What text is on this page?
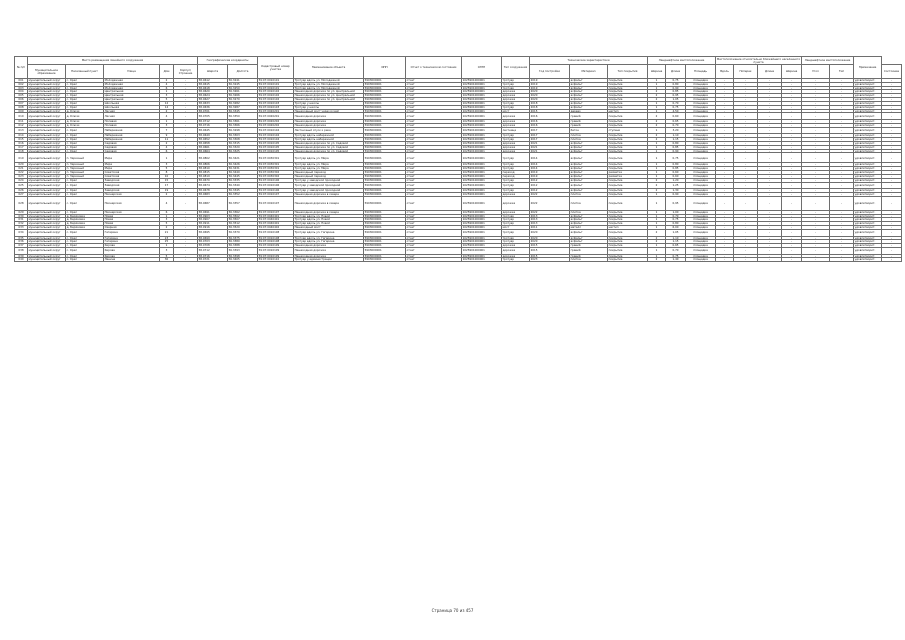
№ п/п	Место размещения линейного сооружения					Географические координаты		Кадастровый номер участка	Наименование объекта	ИНН	Отчет о техническом состоянии	ОГРН	Тип сооружения	Технические характеристики			Ландшафтное местоположение			Местоположение относительно ближайшего населенного пункта				Ландшафтное местоположение		Примечание	
	Муниципальное образование	Населенный пункт	Улица	Дом	Корпус/Строение	Широта	Долгота							Год постройки	Материал	Тип покрытия	Ширина	Длина	Площадь	Вдоль	Поперек	Длина	Ширина	Угол	Тип		
																											Состояние
001	муниципальный округ	с. Орел	Молодежная	2	-	58.0612	56.3241	59:07:0010101	Тротуар вдоль ул. Молодежной	5903000001	отчет	1025901000001	тротуар	2019	асфальт	покрытие	1	0,75	площадка	-	-	-	-	-	-	удовлетворит.	-
002	муниципальный округ	с. Орел	Молодежная	4	-	58.0615	56.3245	59:07:0010101	Тротуар вдоль ул. Молодежной	5903000001	отчет	1025901000001	тротуар	2019	асфальт	покрытие	1	0,80	площадка	-	-	-	-	-	-	удовлетворит.	-
003	муниципальный округ	с. Орел	Молодежная	6	-	58.0618	56.3250	59:07:0010101	Тротуар вдоль ул. Молодежной	5903000001	отчет	1025901000001	тротуар	2019	асфальт	покрытие	1	0,90	площадка	-	-	-	-	-	-	удовлетворит.	-
004	муниципальный округ	с. Орел	Центральная	1	-	58.0620	56.3261	59:07:0010102	Пешеходная дорожка по ул. Центральной	5903000001	отчет	1025901000001	дорожка	2020	асфальт	покрытие	2	0,85	площадка	-	-	-	-	-	-	удовлетворит.	-
005	муниципальный округ	с. Орел	Центральная	3	-	58.0624	56.3266	59:07:0010102	Пешеходная дорожка по ул. Центральной	5903000001	отчет	1025901000001	дорожка	2020	асфальт	покрытие	2	0,95	площадка	-	-	-	-	-	-	удовлетворит.	-
006	муниципальный округ	с. Орел	Центральная	5	-	58.0627	56.3270	59:07:0010102	Пешеходная дорожка по ул. Центральной	5903000001	отчет	1025901000001	дорожка	2020	асфальт	покрытие	2	1,05	площадка	-	-	-	-	-	-	удовлетворит.	-
007	муниципальный округ	с. Орел	Школьная	12	-	58.0633	56.3282	59:07:0010103	Тротуар у школы	5903000001	отчет	1025901000001	тротуар	2018	асфальт	покрытие	1	0,70	площадка	-	-	-	-	-	-	удовлетворит.	-
008	муниципальный округ	с. Орел	Школьная	14	-	58.0636	56.3287	59:07:0010103	Тротуар у школы	5903000001	отчет	1025901000001	тротуар	2018	асфальт	покрытие	1	0,75	площадка	-	-	-	-	-	-	удовлетворит.	-
009	муниципальный округ	д. Ключи	Лесная	2	-	58.0701	56.3345	59:07:0020201	Пешеходный мост через ручей	5903000001	отчет	1025901000001	мост	2015	дерево	настил	1	4,50	площадка	-	-	-	-	-	-	удовлетворит.	-
010	муниципальный округ	д. Ключи	Лесная	4	-	58.0705	56.3350	59:07:0020201	Пешеходная дорожка	5903000001	отчет	1025901000001	дорожка	2016	гравий	покрытие	2	0,60	площадка	-	-	-	-	-	-	удовлетворит.	-
011	муниципальный округ	д. Ключи	Полевая	1	-	58.0712	56.3361	59:07:0020202	Пешеходная дорожка	5903000001	отчет	1025901000001	дорожка	2016	гравий	покрытие	2	0,65	площадка	-	-	-	-	-	-	удовлетворит.	-
012	муниципальный округ	д. Ключи	Полевая	3	-	58.0716	56.3366	59:07:0020202	Пешеходная дорожка	5903000001	отчет	1025901000001	дорожка	2016	гравий	покрытие	2	0,70	площадка	-	-	-	-	-	-	удовлетворит.	-
013	муниципальный округ	с. Орел	Набережная	7	-	58.0645	56.3298	59:07:0010104	Лестничный спуск к реке	5903000001	отчет	1025901000001	лестница	2017	бетон	ступени	1	3,20	площадка	-	-	-	-	-	-	удовлетворит.	-
014	муниципальный округ	с. Орел	Набережная	9	-	58.0649	56.3303	59:07:0010104	Тротуар вдоль набережной	5903000001	отчет	1025901000001	тротуар	2017	плитка	покрытие	2	1,10	площадка	-	-	-	-	-	-	удовлетворит.	-
015	муниципальный округ	с. Орел	Набережная	11	-	58.0652	56.3308	59:07:0010104	Тротуар вдоль набережной	5903000001	отчет	1025901000001	тротуар	2017	плитка	покрытие	2	1,15	площадка	-	-	-	-	-	-	удовлетворит.	-
016	муниципальный округ	с. Орел	Садовая	2	-	58.0658	56.3315	59:07:0010105	Пешеходная дорожка по ул. Садовой	5903000001	отчет	1025901000001	дорожка	2021	асфальт	покрытие	1	0,80	площадка	-	-	-	-	-	-	удовлетворит.	-
017	муниципальный округ	с. Орел	Садовая	4	-	58.0661	56.3320	59:07:0010105	Пешеходная дорожка по ул. Садовой	5903000001	отчет	1025901000001	дорожка	2021	асфальт	покрытие	1	0,85	площадка	-	-	-	-	-	-	удовлетворит.	-
018	муниципальный округ	с. Орел	Садовая	6	-	58.0664	56.3325	59:07:0010105	Пешеходная дорожка по ул. Садовой	5903000001	отчет	1025901000001	дорожка	2021	асфальт	покрытие	1	0,90	площадка	-	-	-	-	-	-	удовлетворит.	-
019	муниципальный округ	п. Заречный	Мира	1	-	58.0802	56.3421	59:07:0030301	Тротуар вдоль ул. Мира	5903000001	отчет	1025901000001	тротуар	2014	асфальт	покрытие	1	0,75	площадка	-	-	-	-	-	-	удовлетворит.	-
020	муниципальный округ	п. Заречный	Мира	3	-	58.0806	56.3426	59:07:0030301	Тротуар вдоль ул. Мира	5903000001	отчет	1025901000001	тротуар	2014	асфальт	покрытие	1	0,80	площадка	-	-	-	-	-	-	удовлетворит.	-
021	муниципальный округ	п. Заречный	Мира	5	-	58.0810	56.3431	59:07:0030301	Тротуар вдоль ул. Мира	5903000001	отчет	1025901000001	тротуар	2014	асфальт	покрытие	1	0,85	площадка	-	-	-	-	-	-	удовлетворит.	-
022	муниципальный округ	п. Заречный	Советская	8	-	58.0815	56.3440	59:07:0030302	Пешеходный переход	5903000001	отчет	1025901000001	переход	2019	асфальт	разметка	1	0,60	площадка	-	-	-	-	-	-	удовлетворит.	-
023	муниципальный округ	п. Заречный	Советская	10	-	58.0819	56.3445	59:07:0030302	Пешеходный переход	5903000001	отчет	1025901000001	переход	2019	асфальт	разметка	1	0,60	площадка	-	-	-	-	-	-	удовлетворит.	-
024	муниципальный округ	с. Орел	Заводская	15	-	58.0670	56.3335	59:07:0010106	Тротуар у заводской проходной	5903000001	отчет	1025901000001	тротуар	2012	асфальт	покрытие	2	1,20	площадка	-	-	-	-	-	-	удовлетворит.	-
025	муниципальный округ	с. Орел	Заводская	17	-	58.0674	56.3340	59:07:0010106	Тротуар у заводской проходной	5903000001	отчет	1025901000001	тротуар	2012	асфальт	покрытие	2	1,25	площадка	-	-	-	-	-	-	удовлетворит.	-
026	муниципальный округ	с. Орел	Заводская	19	-	58.0678	56.3345	59:07:0010106	Тротуар у заводской проходной	5903000001	отчет	1025901000001	тротуар	2012	асфальт	покрытие	2	1,30	площадка	-	-	-	-	-	-	удовлетворит.	-
027	муниципальный округ	с. Орел	Пионерская	2	-	58.0683	56.3352	59:07:0010107	Пешеходная дорожка в сквере	5903000001	отчет	1025901000001	дорожка	2022	плитка	покрытие	1	0,90	площадка	-	-	-	-	-	-	удовлетворит.	-
028	муниципальный округ	с. Орел	Пионерская	4	-	58.0687	56.3357	59:07:0010107	Пешеходная дорожка в сквере	5903000001	отчет	1025901000001	дорожка	2022	плитка	покрытие	1	0,95	площадка	-	-	-	-	-	-	удовлетворит.	-
029	муниципальный округ	с. Орел	Пионерская	6	-	58.0691	56.3362	59:07:0010107	Пешеходная дорожка в сквере	5903000001	отчет	1025901000001	дорожка	2022	плитка	покрытие	1	1,00	площадка	-	-	-	-	-	-	удовлетворит.	-
030	муниципальный округ	д. Берёзовка	Новая	1	-	58.0903	56.3502	59:07:0040401	Тротуар вдоль ул. Новой	5903000001	отчет	1025901000001	тротуар	2013	асфальт	покрытие	1	0,70	площадка	-	-	-	-	-	-	удовлетворит.	-
031	муниципальный округ	д. Берёзовка	Новая	3	-	58.0907	56.3507	59:07:0040401	Тротуар вдоль ул. Новой	5903000001	отчет	1025901000001	тротуар	2013	асфальт	покрытие	1	0,75	площадка	-	-	-	-	-	-	удовлетворит.	-
032	муниципальный округ	д. Берёзовка	Новая	5	-	58.0911	56.3512	59:07:0040401	Тротуар вдоль ул. Новой	5903000001	отчет	1025901000001	тротуар	2013	асфальт	покрытие	1	0,80	площадка	-	-	-	-	-	-	удовлетворит.	-
033	муниципальный округ	д. Берёзовка	Озерная	2	-	58.0916	56.3520	59:07:0040402	Пешеходный мост	5903000001	отчет	1025901000001	мост	2011	металл	настил	1	6,00	площадка	-	-	-	-	-	-	удовлетворит.	-
034	муниципальный округ	с. Орел	Гагарина	21	-	58.0695	56.3370	59:07:0010108	Тротуар вдоль ул. Гагарина	5903000001	отчет	1025901000001	тротуар	2020	асфальт	покрытие	2	1,05	площадка	-	-	-	-	-	-	удовлетворит.	-
035	муниципальный округ	с. Орел	Гагарина	23	-	58.0699	56.3375	59:07:0010108	Тротуар вдоль ул. Гагарина	5903000001	отчет	1025901000001	тротуар	2020	асфальт	покрытие	2	1,10	площадка	-	-	-	-	-	-	удовлетворит.	-
036	муниципальный округ	с. Орел	Гагарина	25	-	58.0703	56.3380	59:07:0010108	Тротуар вдоль ул. Гагарина	5903000001	отчет	1025901000001	тротуар	2020	асфальт	покрытие	2	1,15	площадка	-	-	-	-	-	-	удовлетворит.	-
037	муниципальный округ	с. Орел	Кирова	1	-	58.0708	56.3388	59:07:0010109	Пешеходная дорожка	5903000001	отчет	1025901000001	дорожка	2015	гравий	покрытие	1	0,65	площадка	-	-	-	-	-	-	удовлетворит.	-
038	муниципальный округ	с. Орел	Кирова	3	-	58.0712	56.3393	59:07:0010109	Пешеходная дорожка	5903000001	отчет	1025901000001	дорожка	2015	гравий	покрытие	1	0,70	площадка	-	-	-	-	-	-	удовлетворит.	-
039	муниципальный округ	с. Орел	Кирова	5	-	58.0716	56.3398	59:07:0010109	Пешеходная дорожка	5903000001	отчет	1025901000001	дорожка	2015	гравий	покрытие	1	0,75	площадка	-	-	-	-	-	-	удовлетворит.	-
040	муниципальный округ	с. Орел	Ленина	30	-	58.0721	56.3405	59:07:0010110	Тротуар у администрации	5903000001	отчет	1025901000001	тротуар	2023	плитка	покрытие	2	1,40	площадка	-	-	-	-	-	-	удовлетворит.	-
Страница 70 из 457
